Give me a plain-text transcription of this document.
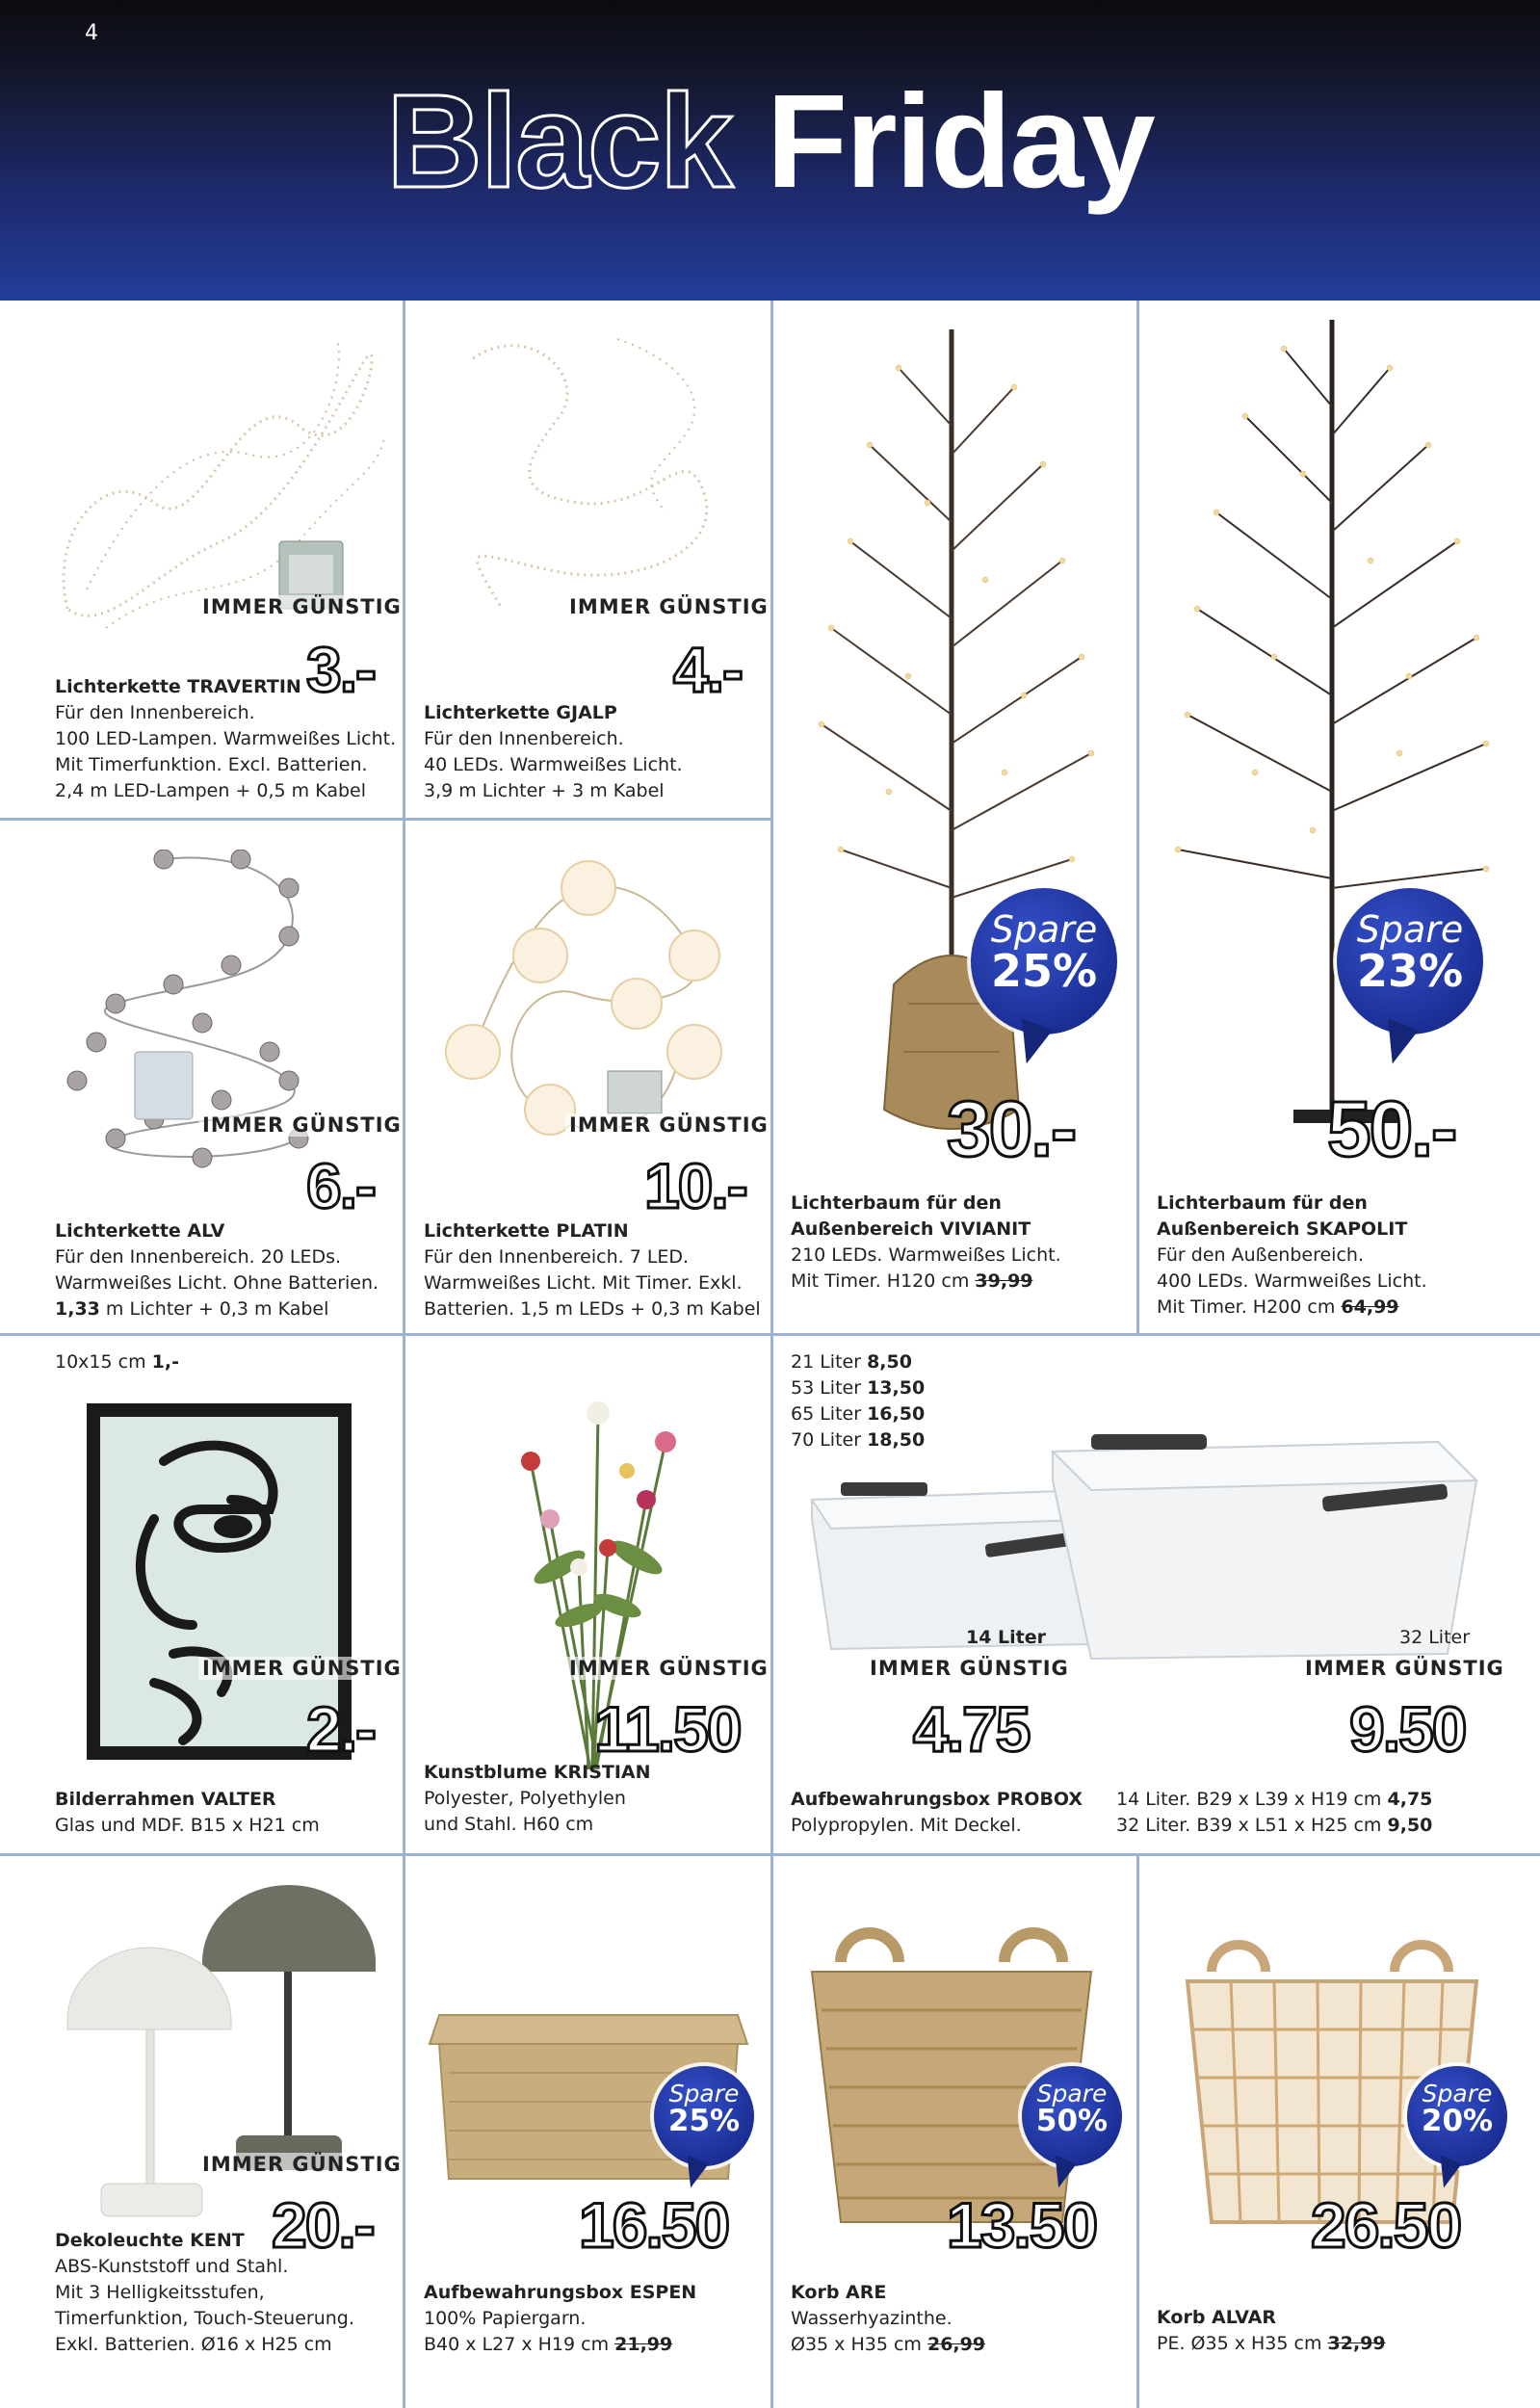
4
Black Friday
IMMER GÜNSTIG
3.-
Lichterkette TRAVERTIN
Für den Innenbereich.
100 LED-Lampen. Warmweißes Licht.
Mit Timerfunktion. Excl. Batterien.
2,4 m LED-Lampen + 0,5 m Kabel
IMMER GÜNSTIG
4.-
Lichterkette GJALP
Für den Innenbereich.
40 LEDs. Warmweißes Licht.
3,9 m Lichter + 3 m Kabel
Spare
25%
30.-
Lichterbaum für den
Außenbereich VIVIANIT
210 LEDs. Warmweißes Licht.
Mit Timer. H120 cm 39,99
Spare
23%
50.-
Lichterbaum für den
Außenbereich SKAPOLIT
Für den Außenbereich.
400 LEDs. Warmweißes Licht.
Mit Timer. H200 cm 64,99
IMMER GÜNSTIG
6.-
Lichterkette ALV
Für den Innenbereich. 20 LEDs.
Warmweißes Licht. Ohne Batterien.
1,33 m Lichter + 0,3 m Kabel
IMMER GÜNSTIG
10.-
Lichterkette PLATIN
Für den Innenbereich. 7 LED.
Warmweißes Licht. Mit Timer. Exkl.
Batterien. 1,5 m LEDs + 0,3 m Kabel
10x15 cm 1,-
IMMER GÜNSTIG
2.-
Bilderrahmen VALTER
Glas und MDF. B15 x H21 cm
IMMER GÜNSTIG
11.50
Kunstblume KRISTIAN
Polyester, Polyethylen
und Stahl. H60 cm
21 Liter 8,50
53 Liter 13,50
65 Liter 16,50
70 Liter 18,50
14 Liter	32 Liter
IMMER GÜNSTIG	IMMER GÜNSTIG
4.75	9.50
Aufbewahrungsbox PROBOX
Polypropylen. Mit Deckel.
14 Liter. B29 x L39 x H19 cm 4,75
32 Liter. B39 x L51 x H25 cm 9,50
IMMER GÜNSTIG
20.-
Dekoleuchte KENT
ABS-Kunststoff und Stahl.
Mit 3 Helligkeitsstufen,
Timerfunktion, Touch-Steuerung.
Exkl. Batterien. Ø16 x H25 cm
Spare
25%
16.50
Aufbewahrungsbox ESPEN
100% Papiergarn.
B40 x L27 x H19 cm 21,99
Spare
50%
13.50
Korb ARE
Wasserhyazinthe.
Ø35 x H35 cm 26,99
Spare
20%
26.50
Korb ALVAR
PE. Ø35 x H35 cm 32,99
